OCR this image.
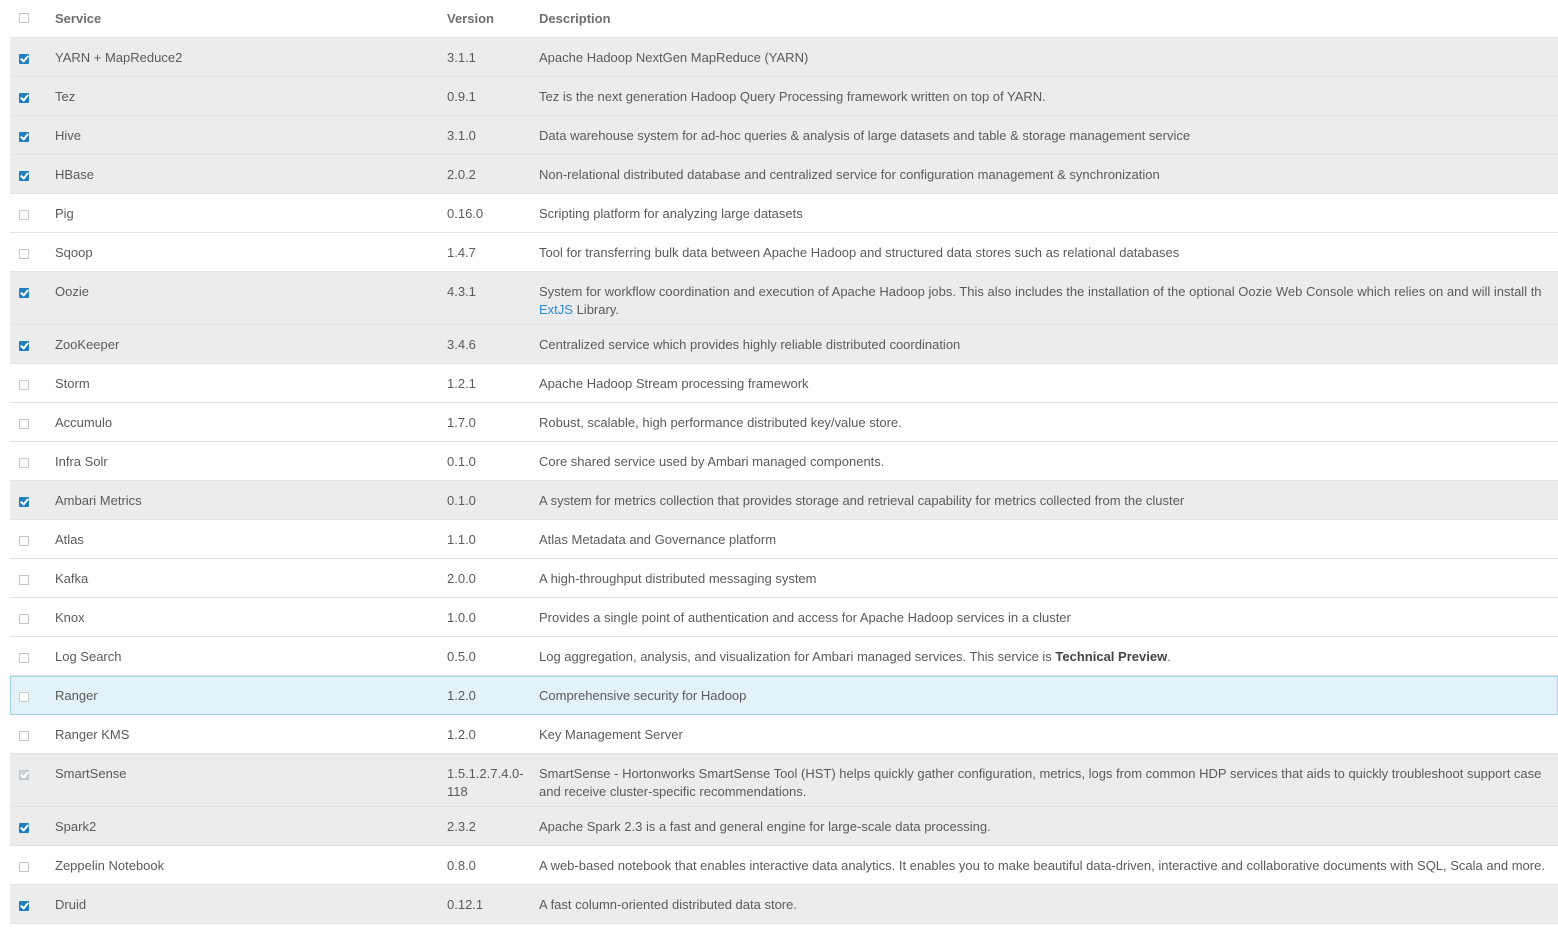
	Service	Version	Description
	YARN + MapReduce2	3.1.1	Apache Hadoop NextGen MapReduce (YARN)

	Tez	0.9.1	Tez is the next generation Hadoop Query Processing framework written on top of YARN.

	Hive	3.1.0	Data warehouse system for ad-hoc queries & analysis of large datasets and table & storage management service

	HBase	2.0.2	Non-relational distributed database and centralized service for configuration management & synchronization

	Pig	0.16.0	Scripting platform for analyzing large datasets

	Sqoop	1.4.7	Tool for transferring bulk data between Apache Hadoop and structured data stores such as relational databases

	Oozie	4.3.1	System for workflow coordination and execution of Apache Hadoop jobs. This also includes the installation of the optional Oozie Web Console which relies on and will install th
ExtJS Library.

	ZooKeeper	3.4.6	Centralized service which provides highly reliable distributed coordination

	Storm	1.2.1	Apache Hadoop Stream processing framework

	Accumulo	1.7.0	Robust, scalable, high performance distributed key/value store.

	Infra Solr	0.1.0	Core shared service used by Ambari managed components.

	Ambari Metrics	0.1.0	A system for metrics collection that provides storage and retrieval capability for metrics collected from the cluster

	Atlas	1.1.0	Atlas Metadata and Governance platform

	Kafka	2.0.0	A high-throughput distributed messaging system

	Knox	1.0.0	Provides a single point of authentication and access for Apache Hadoop services in a cluster

	Log Search	0.5.0	Log aggregation, analysis, and visualization for Ambari managed services. This service is Technical Preview.

	Ranger	1.2.0	Comprehensive security for Hadoop

	Ranger KMS	1.2.0	Key Management Server

	SmartSense	1.5.1.2.7.4.0-118	SmartSense - Hortonworks SmartSense Tool (HST) helps quickly gather configuration, metrics, logs from common HDP services that aids to quickly troubleshoot support case
and receive cluster-specific recommendations.

	Spark2	2.3.2	Apache Spark 2.3 is a fast and general engine for large-scale data processing.

	Zeppelin Notebook	0.8.0	A web-based notebook that enables interactive data analytics. It enables you to make beautiful data-driven, interactive and collaborative documents with SQL, Scala and more.

	Druid	0.12.1	A fast column-oriented distributed data store.
